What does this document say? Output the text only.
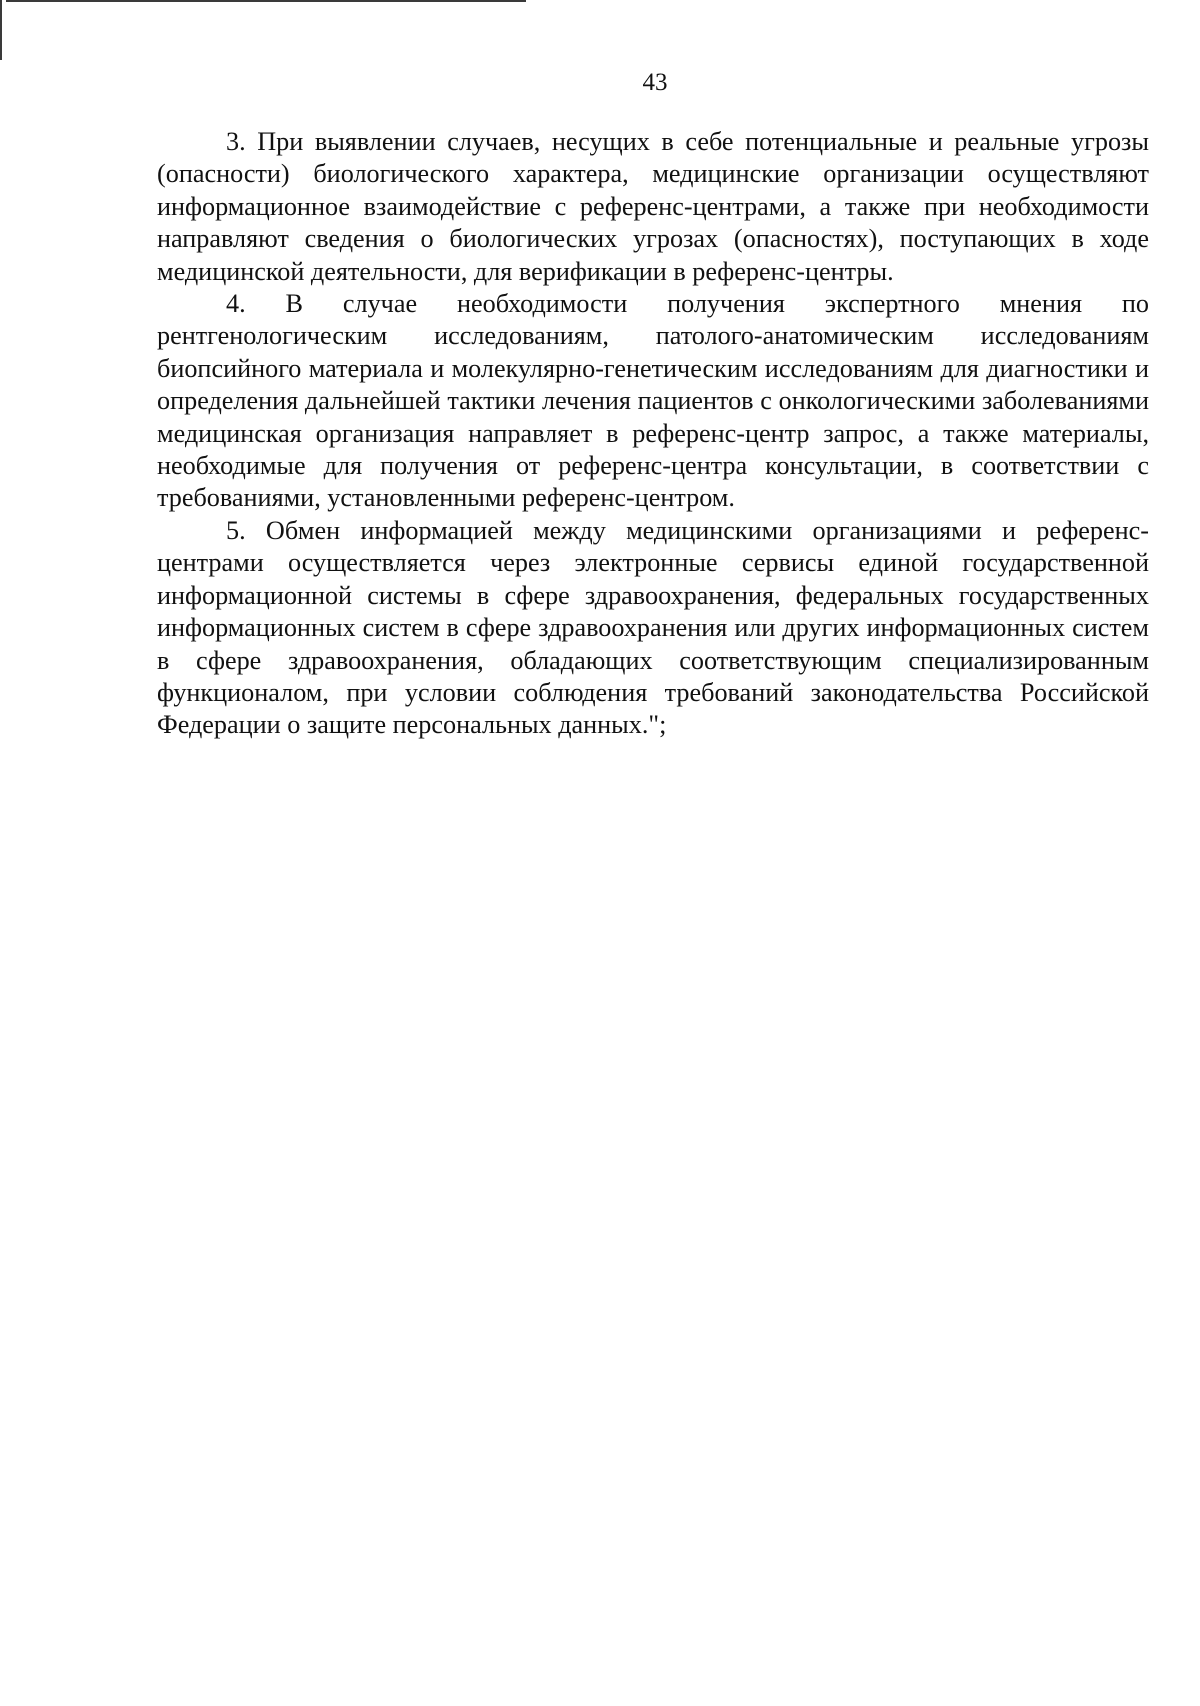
43

3. При выявлении случаев, несущих в себе потенциальные и реальные угрозы (опасности) биологического характера, медицинские организации осуществляют информационное взаимодействие с референс-центрами, а также при необходимости направляют сведения о биологических угрозах (опасностях), поступающих в ходе медицинской деятельности, для верификации в референс-центры.

4. В случае необходимости получения экспертного мнения по рентгенологическим исследованиям, патолого-анатомическим исследованиям биопсийного материала и молекулярно-генетическим исследованиям для диагностики и определения дальнейшей тактики лечения пациентов с онкологическими заболеваниями медицинская организация направляет в референс-центр запрос, а также материалы, необходимые для получения от референс-центра консультации, в соответствии с требованиями, установленными референс-центром.

5. Обмен информацией между медицинскими организациями и референс-центрами осуществляется через электронные сервисы единой государственной информационной системы в сфере здравоохранения, федеральных государственных информационных систем в сфере здравоохранения или других информационных систем в сфере здравоохранения, обладающих соответствующим специализированным функционалом, при условии соблюдения требований законодательства Российской Федерации о защите персональных данных.";
